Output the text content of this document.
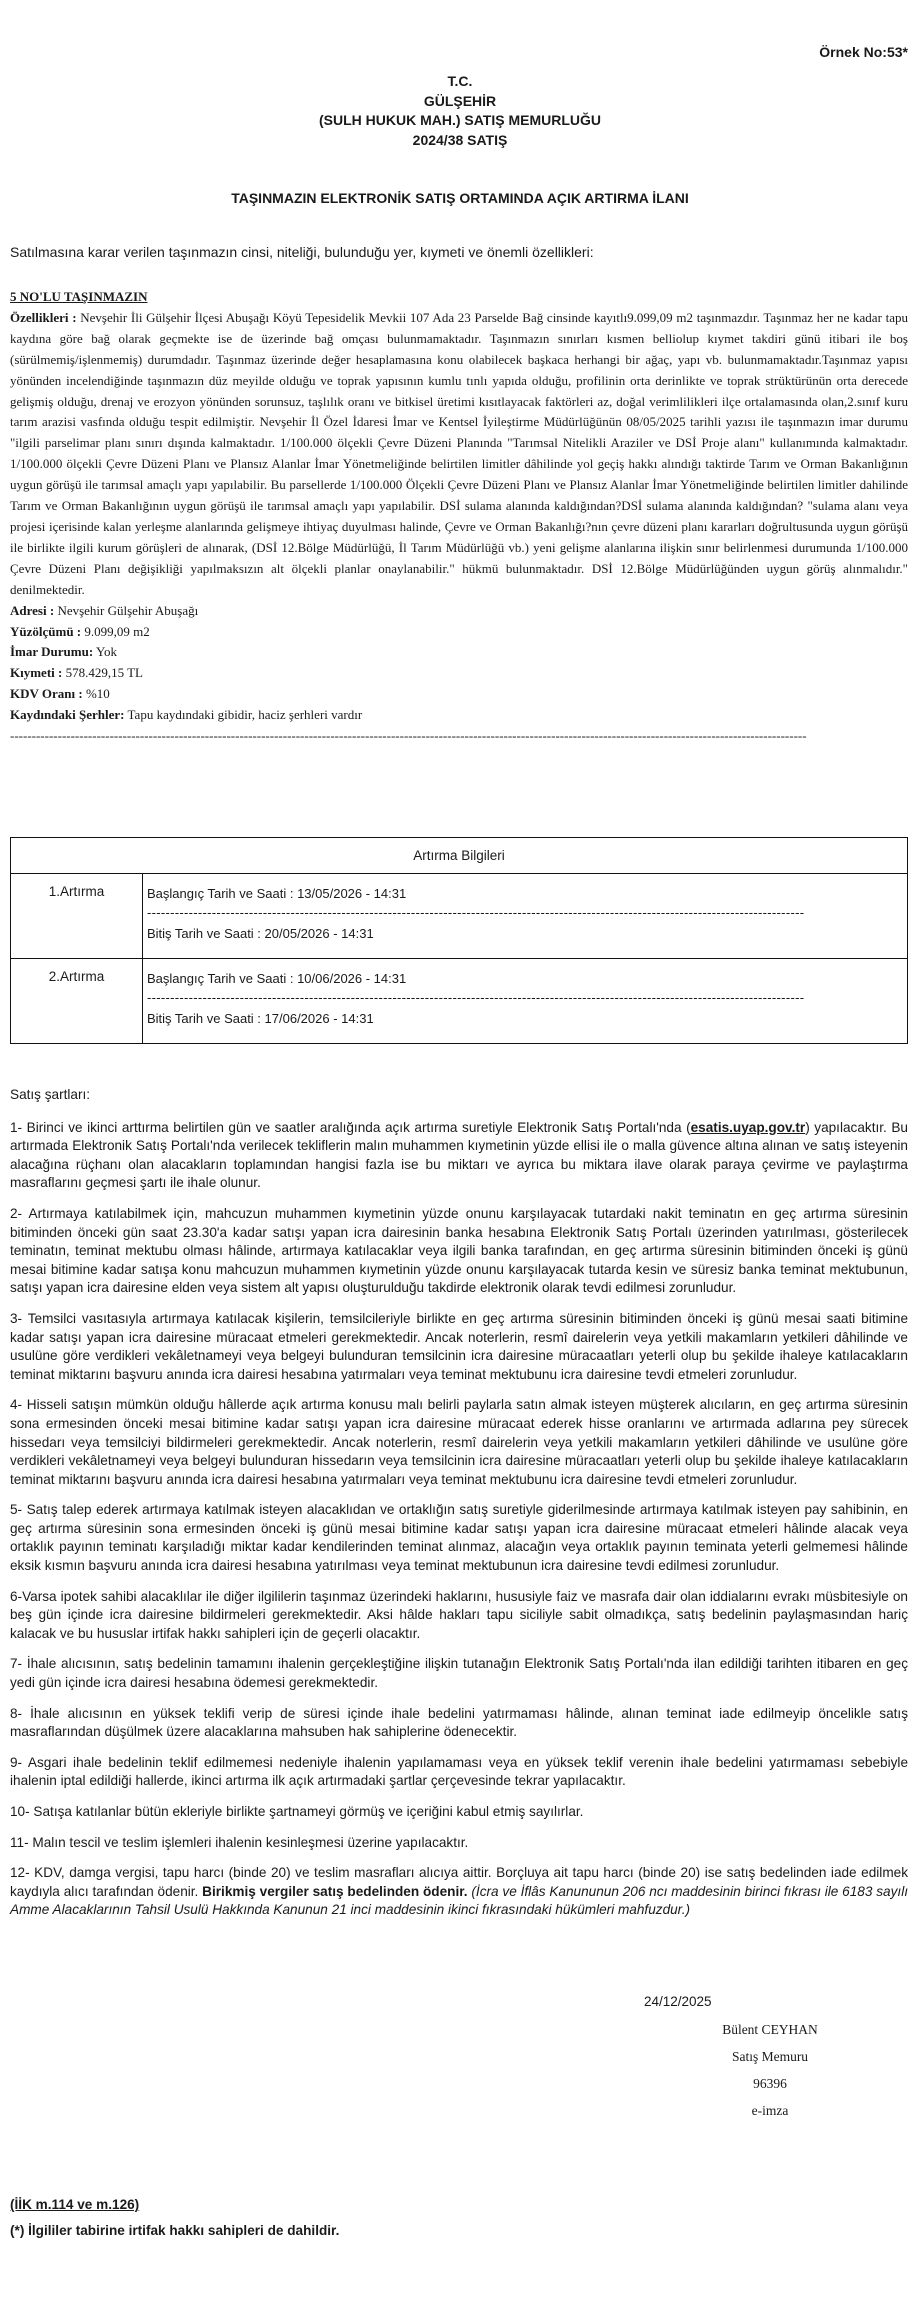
Örnek No:53*
T.C.
GÜLŞEHİR
(SULH HUKUK MAH.) SATIŞ MEMURLUĞU
2024/38 SATIŞ
TAŞINMAZIN ELEKTRONİK SATIŞ ORTAMINDA AÇIK ARTIRMA İLANI
Satılmasına karar verilen taşınmazın cinsi, niteliği, bulunduğu yer, kıymeti ve önemli özellikleri:

5 NO'LU TAŞINMAZIN

Özellikleri : Nevşehir İli Gülşehir İlçesi Abuşağı Köyü Tepesidelik Mevkii 107 Ada 23 Parselde Bağ cinsinde kayıtlı9.099,09 m2 taşınmazdır. Taşınmaz her ne kadar tapu kaydına göre bağ olarak geçmekte ise de üzerinde bağ omçası bulunmamaktadır. Taşınmazın sınırları kısmen bellioluр kıymet takdiri günü itibari ile boş (sürülmemiş/işlenmemiş) durumdadır. Taşınmaz üzerinde değer hesaplamasına konu olabilecek başkaca herhangi bir ağaç, yapı vb. bulunmamaktadır.Taşınmaz yapısı yönünden incelendiğinde taşınmazın düz meyilde olduğu ve toprak yapısının kumlu tınlı yapıda olduğu, profilinin orta derinlikte ve toprak strüktürünün orta derecede gelişmiş olduğu, drenaj ve erozyon yönünden sorunsuz, taşlılık oranı ve bitkisel üretimi kısıtlayacak faktörleri az, doğal verimlilikleri ilçe ortalamasında olan,2.sınıf kuru tarım arazisi vasfında olduğu tespit edilmiştir. Nevşehir İl Özel İdaresi İmar ve Kentsel İyileştirme Müdürlüğünün 08/05/2025 tarihli yazısı ile taşınmazın imar durumu "ilgili parselimar planı sınırı dışında kalmaktadır. 1/100.000 ölçekli Çevre Düzeni Planında "Tarımsal Nitelikli Araziler ve DSİ Proje alanı" kullanımında kalmaktadır. 1/100.000 ölçekli Çevre Düzeni Planı ve Plansız Alanlar İmar Yönetmeliğinde belirtilen limitler dâhilinde yol geçiş hakkı alındığı taktirde Tarım ve Orman Bakanlığının uygun görüşü ile tarımsal amaçlı yapı yapılabilir. Bu parsellerde 1/100.000 Ölçekli Çevre Düzeni Planı ve Plansız Alanlar İmar Yönetmeliğinde belirtilen limitler dahilinde Tarım ve Orman Bakanlığının uygun görüşü ile tarımsal amaçlı yapı yapılabilir. DSİ sulama alanında kaldığından?DSİ sulama alanında kaldığından? "sulama alanı veya projesi içerisinde kalan yerleşme alanlarında gelişmeye ihtiyaç duyulması halinde, Çevre ve Orman Bakanlığı?nın çevre düzeni planı kararları doğrultusunda uygun görüşü ile birlikte ilgili kurum görüşleri de alınarak, (DSİ 12.Bölge Müdürlüğü, İl Tarım Müdürlüğü vb.) yeni gelişme alanlarına ilişkin sınır belirlenmesi durumunda 1/100.000 Çevre Düzeni Planı değişikliği yapılmaksızın alt ölçekli planlar onaylanabilir." hükmü bulunmaktadır. DSİ 12.Bölge Müdürlüğünden uygun görüş alınmalıdır." denilmektedir.

Adresi : Nevşehir Gülşehir Abuşağı

Yüzölçümü : 9.099,09 m2

İmar Durumu: Yok

Kıymeti : 578.429,15 TL

KDV Oranı : %10

Kaydındaki Şerhler: Tapu kaydındaki gibidir, haciz şerhleri vardır

----------------------------------------------------------------------------------------------------------------------------------------------------------------------------------------

Artırma Bilgileri
1.Artırma	Başlangıç Tarih ve Saati : 13/05/2026 - 14:31
----------------------------------------------------------------------------------------------------------------------------------------------
Bitiş Tarih ve Saati : 20/05/2026 - 14:31
2.Artırma	Başlangıç Tarih ve Saati : 10/06/2026 - 14:31
----------------------------------------------------------------------------------------------------------------------------------------------
Bitiş Tarih ve Saati : 17/06/2026 - 14:31
Satış şartları:

1- Birinci ve ikinci arttırma belirtilen gün ve saatler aralığında açık artırma suretiyle Elektronik Satış Portalı'nda (esatis.uyap.gov.tr) yapılacaktır. Bu artırmada Elektronik Satış Portalı'nda verilecek tekliflerin malın muhammen kıymetinin yüzde ellisi ile o malla güvence altına alınan ve satış isteyenin alacağına rüçhanı olan alacakların toplamından hangisi fazla ise bu miktarı ve ayrıca bu miktara ilave olarak paraya çevirme ve paylaştırma masraflarını geçmesi şartı ile ihale olunur.

2- Artırmaya katılabilmek için, mahcuzun muhammen kıymetinin yüzde onunu karşılayacak tutardaki nakit teminatın en geç artırma süresinin bitiminden önceki gün saat 23.30'a kadar satışı yapan icra dairesinin banka hesabına Elektronik Satış Portalı üzerinden yatırılması, gösterilecek teminatın, teminat mektubu olması hâlinde, artırmaya katılacaklar veya ilgili banka tarafından, en geç artırma süresinin bitiminden önceki iş günü mesai bitimine kadar satışa konu mahcuzun muhammen kıymetinin yüzde onunu karşılayacak tutarda kesin ve süresiz banka teminat mektubunun, satışı yapan icra dairesine elden veya sistem alt yapısı oluşturulduğu takdirde elektronik olarak tevdi edilmesi zorunludur.

3- Temsilci vasıtasıyla artırmaya katılacak kişilerin, temsilcileriyle birlikte en geç artırma süresinin bitiminden önceki iş günü mesai saati bitimine kadar satışı yapan icra dairesine müracaat etmeleri gerekmektedir. Ancak noterlerin, resmî dairelerin veya yetkili makamların yetkileri dâhilinde ve usulüne göre verdikleri vekâletnameyi veya belgeyi bulunduran temsilcinin icra dairesine müracaatları yeterli olup bu şekilde ihaleye katılacakların teminat miktarını başvuru anında icra dairesi hesabına yatırmaları veya teminat mektubunu icra dairesine tevdi etmeleri zorunludur.

4- Hisseli satışın mümkün olduğu hâllerde açık artırma konusu malı belirli paylarla satın almak isteyen müşterek alıcıların, en geç artırma süresinin sona ermesinden önceki mesai bitimine kadar satışı yapan icra dairesine müracaat ederek hisse oranlarını ve artırmada adlarına pey sürecek hissedarı veya temsilciyi bildirmeleri gerekmektedir. Ancak noterlerin, resmî dairelerin veya yetkili makamların yetkileri dâhilinde ve usulüne göre verdikleri vekâletnameyi veya belgeyi bulunduran hissedarın veya temsilcinin icra dairesine müracaatları yeterli olup bu şekilde ihaleye katılacakların teminat miktarını başvuru anında icra dairesi hesabına yatırmaları veya teminat mektubunu icra dairesine tevdi etmeleri zorunludur.

5- Satış talep ederek artırmaya katılmak isteyen alacaklıdan ve ortaklığın satış suretiyle giderilmesinde artırmaya katılmak isteyen pay sahibinin, en geç artırma süresinin sona ermesinden önceki iş günü mesai bitimine kadar satışı yapan icra dairesine müracaat etmeleri hâlinde alacak veya ortaklık payının teminatı karşıladığı miktar kadar kendilerinden teminat alınmaz, alacağın veya ortaklık payının teminata yeterli gelmemesi hâlinde eksik kısmın başvuru anında icra dairesi hesabına yatırılması veya teminat mektubunun icra dairesine tevdi edilmesi zorunludur.

6-Varsa ipotek sahibi alacaklılar ile diğer ilgililerin taşınmaz üzerindeki haklarını, hususiyle faiz ve masrafa dair olan iddialarını evrakı müsbitesiyle on beş gün içinde icra dairesine bildirmeleri gerekmektedir. Aksi hâlde hakları tapu siciliyle sabit olmadıkça, satış bedelinin paylaşmasından hariç kalacak ve bu hususlar irtifak hakkı sahipleri için de geçerli olacaktır.

7- İhale alıcısının, satış bedelinin tamamını ihalenin gerçekleştiğine ilişkin tutanağın Elektronik Satış Portalı'nda ilan edildiği tarihten itibaren en geç yedi gün içinde icra dairesi hesabına ödemesi gerekmektedir.

8- İhale alıcısının en yüksek teklifi verip de süresi içinde ihale bedelini yatırmaması hâlinde, alınan teminat iade edilmeyip öncelikle satış masraflarından düşülmek üzere alacaklarına mahsuben hak sahiplerine ödenecektir.

9- Asgari ihale bedelinin teklif edilmemesi nedeniyle ihalenin yapılamaması veya en yüksek teklif verenin ihale bedelini yatırmaması sebebiyle ihalenin iptal edildiği hallerde, ikinci artırma ilk açık artırmadaki şartlar çerçevesinde tekrar yapılacaktır.

10- Satışa katılanlar bütün ekleriyle birlikte şartnameyi görmüş ve içeriğini kabul etmiş sayılırlar.

11- Malın tescil ve teslim işlemleri ihalenin kesinleşmesi üzerine yapılacaktır.

12- KDV, damga vergisi, tapu harcı (binde 20) ve teslim masrafları alıcıya aittir. Borçluya ait tapu harcı (binde 20) ise satış bedelinden iade edilmek kaydıyla alıcı tarafından ödenir. Birikmiş vergiler satış bedelinden ödenir. (İcra ve İflâs Kanununun 206 ncı maddesinin birinci fıkrası ile 6183 sayılı Amme Alacaklarının Tahsil Usulü Hakkında Kanunun 21 inci maddesinin ikinci fıkrasındaki hükümleri mahfuzdur.)

24/12/2025
Bülent CEYHAN
Satış Memuru
96396
e-imza
(İİK m.114 ve m.126)
(*) İlgililer tabirine irtifak hakkı sahipleri de dahildir.
